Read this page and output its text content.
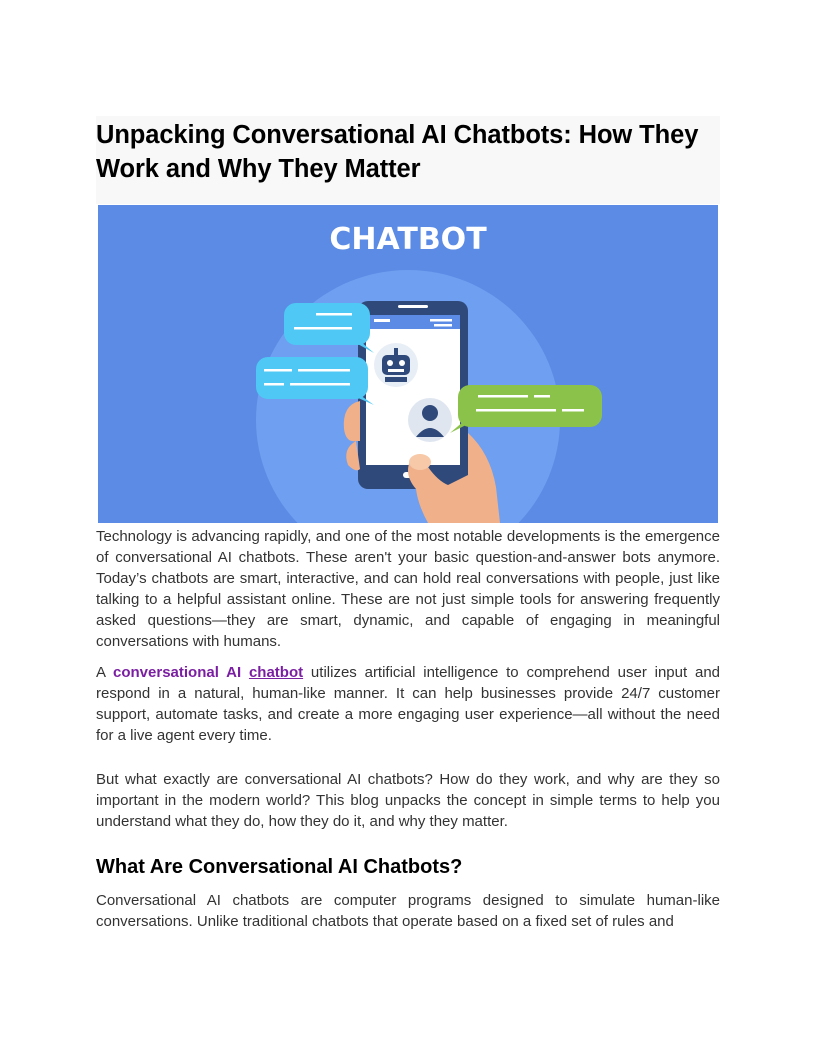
Unpacking Conversational AI Chatbots: How They Work and Why They Matter
CHATBOT

Technology is advancing rapidly, and one of the most notable developments is the emergence of conversational AI chatbots. These aren't your basic question-and-answer bots anymore. Today’s chatbots are smart, interactive, and can hold real conversations with people, just like talking to a helpful assistant online. These are not just simple tools for answering frequently asked questions—they are smart, dynamic, and capable of engaging in meaningful conversations with humans.

A conversational AI chatbot utilizes artificial intelligence to comprehend user input and respond in a natural, human-like manner. It can help businesses provide 24/7 customer support, automate tasks, and create a more engaging user experience—all without the need for a live agent every time.

But what exactly are conversational AI chatbots? How do they work, and why are they so important in the modern world? This blog unpacks the concept in simple terms to help you understand what they do, how they do it, and why they matter.

What Are Conversational AI Chatbots?

Conversational AI chatbots are computer programs designed to simulate human-like conversations. Unlike traditional chatbots that operate based on a fixed set of rules and
